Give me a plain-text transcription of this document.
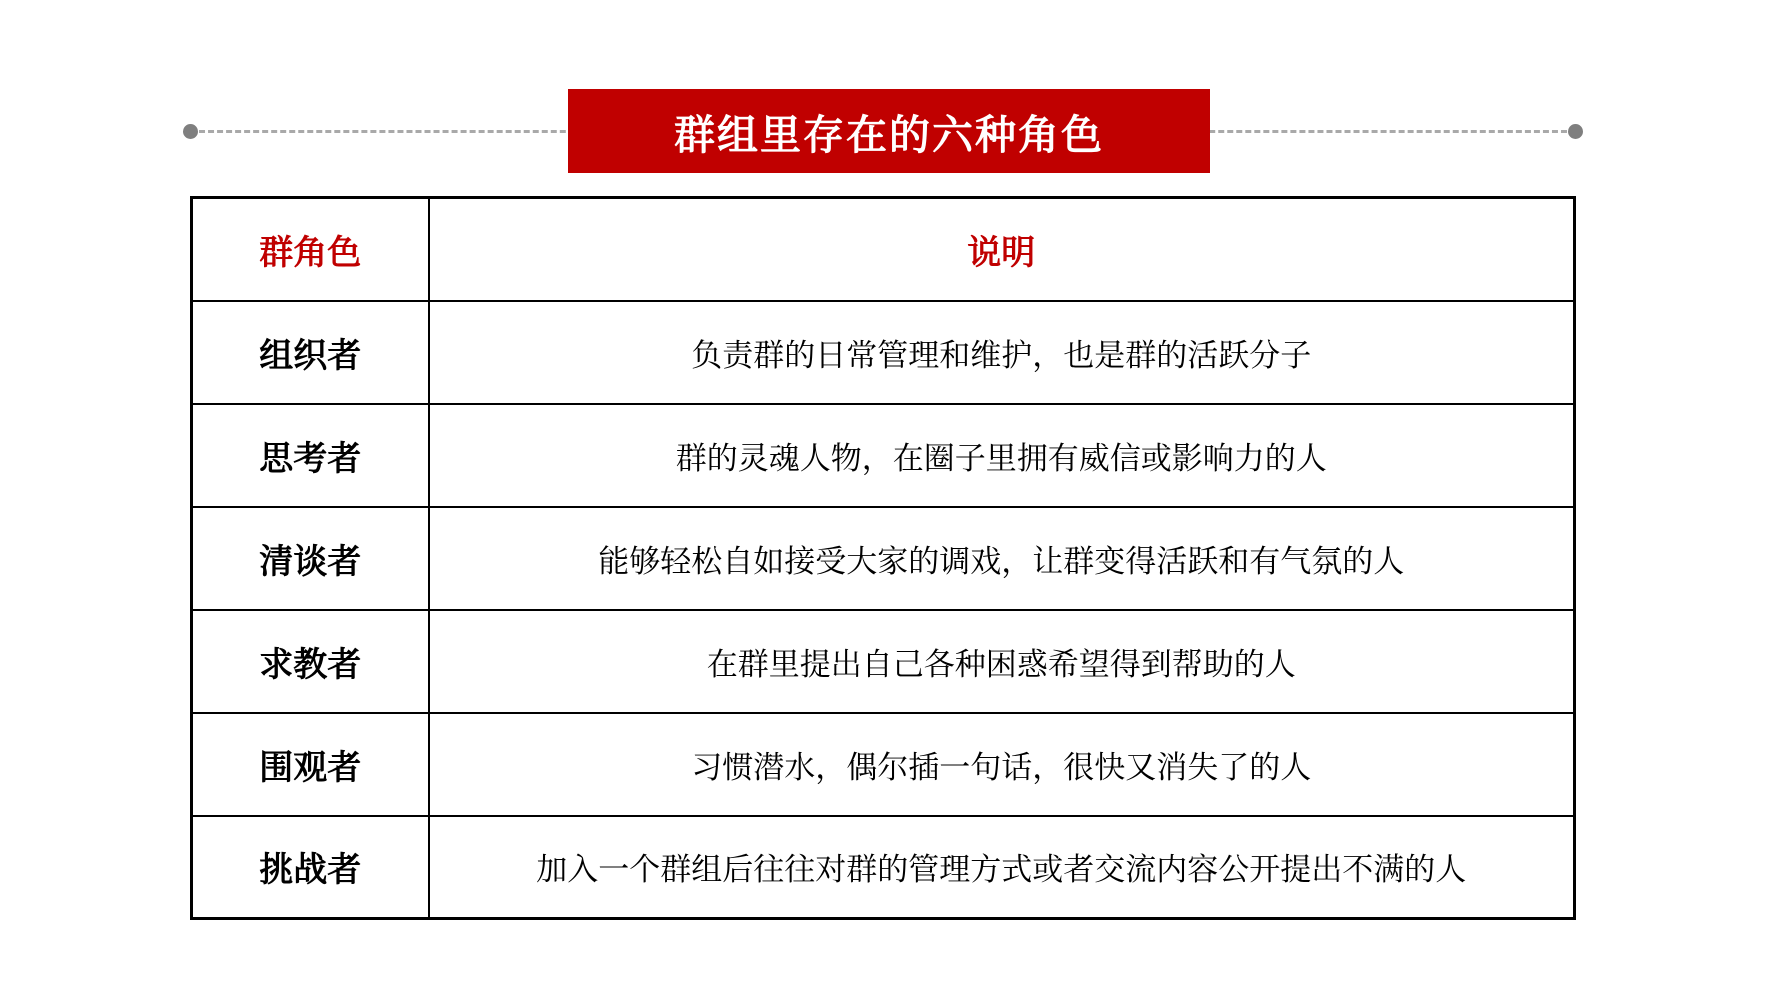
群组里存在的六种角色
群角色	说明
组织者	负责群的日常管理和维护，也是群的活跃分子
思考者	群的灵魂人物，在圈子里拥有威信或影响力的人
清谈者	能够轻松自如接受大家的调戏，让群变得活跃和有气氛的人
求教者	在群里提出自己各种困惑希望得到帮助的人
围观者	习惯潜水，偶尔插一句话，很快又消失了的人
挑战者	加入一个群组后往往对群的管理方式或者交流内容公开提出不满的人
